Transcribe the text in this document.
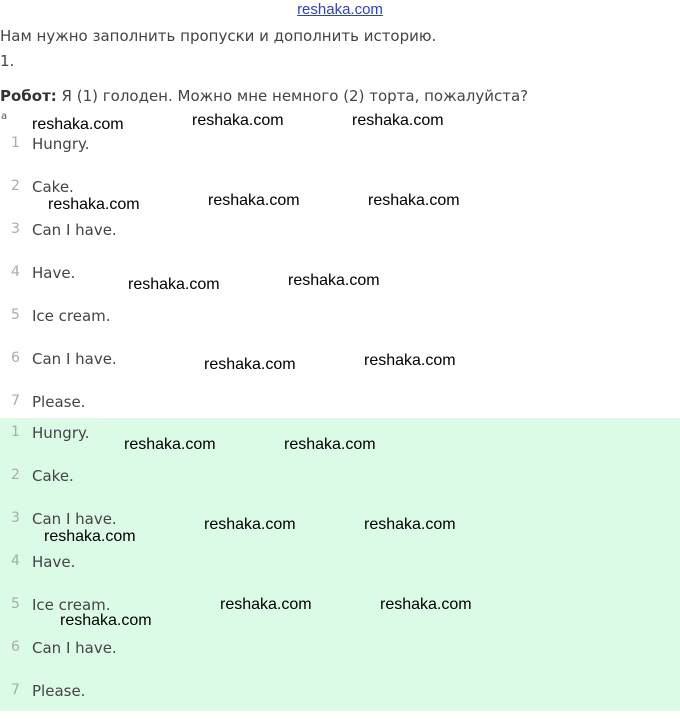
reshaka.com
Нам нужно заполнить пропуски и дополнить историю.
1.
Робот: Я (1) голоден. Можно мне немного (2) торта, пожалуйста?
a
1 Hungry.
2 Cake.
3 Can I have.
4 Have.
5 Ice cream.
6 Can I have.
7 Please.
1 Hungry.
2 Cake.
3 Can I have.
4 Have.
5 Ice cream.
6 Can I have.
7 Please.
reshaka.com	reshaka.com	reshaka.com
reshaka.com	reshaka.com	reshaka.com
reshaka.com	reshaka.com
reshaka.com	reshaka.com
reshaka.com	reshaka.com
reshaka.com	reshaka.com
reshaka.com
reshaka.com	reshaka.com
reshaka.com
